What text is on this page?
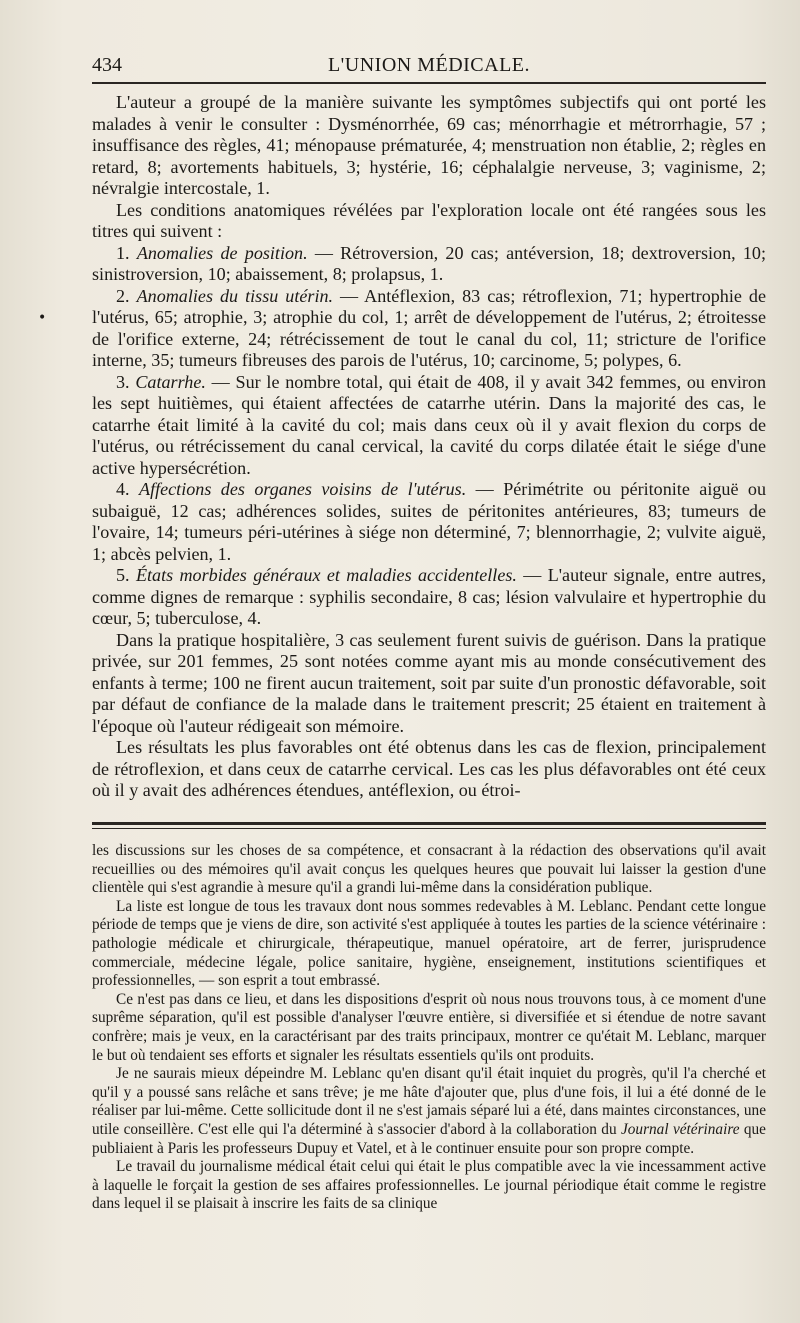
434	L'UNION MÉDICALE.
•

L'auteur a groupé de la manière suivante les symptômes subjectifs qui ont porté les malades à venir le consulter : Dysménorrhée, 69 cas; ménorrhagie et métrorrhagie, 57 ; insuffisance des règles, 41; ménopause prématurée, 4; menstruation non établie, 2; règles en retard, 8; avortements habituels, 3; hystérie, 16; céphalalgie nerveuse, 3; vaginisme, 2; névralgie intercostale, 1.

Les conditions anatomiques révélées par l'exploration locale ont été rangées sous les titres qui suivent :

1. Anomalies de position. — Rétroversion, 20 cas; antéversion, 18; dextroversion, 10; sinistroversion, 10; abaissement, 8; prolapsus, 1.

2. Anomalies du tissu utérin. — Antéflexion, 83 cas; rétroflexion, 71; hypertrophie de l'utérus, 65; atrophie, 3; atrophie du col, 1; arrêt de développement de l'utérus, 2; étroitesse de l'orifice externe, 24; rétrécissement de tout le canal du col, 11; stricture de l'orifice interne, 35; tumeurs fibreuses des parois de l'utérus, 10; carcinome, 5; polypes, 6.

3. Catarrhe. — Sur le nombre total, qui était de 408, il y avait 342 femmes, ou environ les sept huitièmes, qui étaient affectées de catarrhe utérin. Dans la majorité des cas, le catarrhe était limité à la cavité du col; mais dans ceux où il y avait flexion du corps de l'utérus, ou rétrécissement du canal cervical, la cavité du corps dilatée était le siége d'une active hypersécrétion.

4. Affections des organes voisins de l'utérus. — Périmétrite ou péritonite aiguë ou subaiguë, 12 cas; adhérences solides, suites de péritonites antérieures, 83; tumeurs de l'ovaire, 14; tumeurs péri-utérines à siége non déterminé, 7; blennorrhagie, 2; vulvite aiguë, 1; abcès pelvien, 1.

5. États morbides généraux et maladies accidentelles. — L'auteur signale, entre autres, comme dignes de remarque : syphilis secondaire, 8 cas; lésion valvulaire et hypertrophie du cœur, 5; tuberculose, 4.

Dans la pratique hospitalière, 3 cas seulement furent suivis de guérison. Dans la pratique privée, sur 201 femmes, 25 sont notées comme ayant mis au monde consécutivement des enfants à terme; 100 ne firent aucun traitement, soit par suite d'un pronostic défavorable, soit par défaut de confiance de la malade dans le traitement prescrit; 25 étaient en traitement à l'époque où l'auteur rédigeait son mémoire.

Les résultats les plus favorables ont été obtenus dans les cas de flexion, principalement de rétroflexion, et dans ceux de catarrhe cervical. Les cas les plus défavorables ont été ceux où il y avait des adhérences étendues, antéflexion, ou étroi-

les discussions sur les choses de sa compétence, et consacrant à la rédaction des observations qu'il avait recueillies ou des mémoires qu'il avait conçus les quelques heures que pouvait lui laisser la gestion d'une clientèle qui s'est agrandie à mesure qu'il a grandi lui-même dans la considération publique.

La liste est longue de tous les travaux dont nous sommes redevables à M. Leblanc. Pendant cette longue période de temps que je viens de dire, son activité s'est appliquée à toutes les parties de la science vétérinaire : pathologie médicale et chirurgicale, thérapeutique, manuel opératoire, art de ferrer, jurisprudence commerciale, médecine légale, police sanitaire, hygiène, enseignement, institutions scientifiques et professionnelles, — son esprit a tout embrassé.

Ce n'est pas dans ce lieu, et dans les dispositions d'esprit où nous nous trouvons tous, à ce moment d'une suprême séparation, qu'il est possible d'analyser l'œuvre entière, si diversifiée et si étendue de notre savant confrère; mais je veux, en la caractérisant par des traits principaux, montrer ce qu'était M. Leblanc, marquer le but où tendaient ses efforts et signaler les résultats essentiels qu'ils ont produits.

Je ne saurais mieux dépeindre M. Leblanc qu'en disant qu'il était inquiet du progrès, qu'il l'a cherché et qu'il y a poussé sans relâche et sans trêve; je me hâte d'ajouter que, plus d'une fois, il lui a été donné de le réaliser par lui-même. Cette sollicitude dont il ne s'est jamais séparé lui a été, dans maintes circonstances, une utile conseillère. C'est elle qui l'a déterminé à s'associer d'abord à la collaboration du Journal vétérinaire que publiaient à Paris les professeurs Dupuy et Vatel, et à le continuer ensuite pour son propre compte.

Le travail du journalisme médical était celui qui était le plus compatible avec la vie incessamment active à laquelle le forçait la gestion de ses affaires professionnelles. Le journal périodique était comme le registre dans lequel il se plaisait à inscrire les faits de sa clinique
